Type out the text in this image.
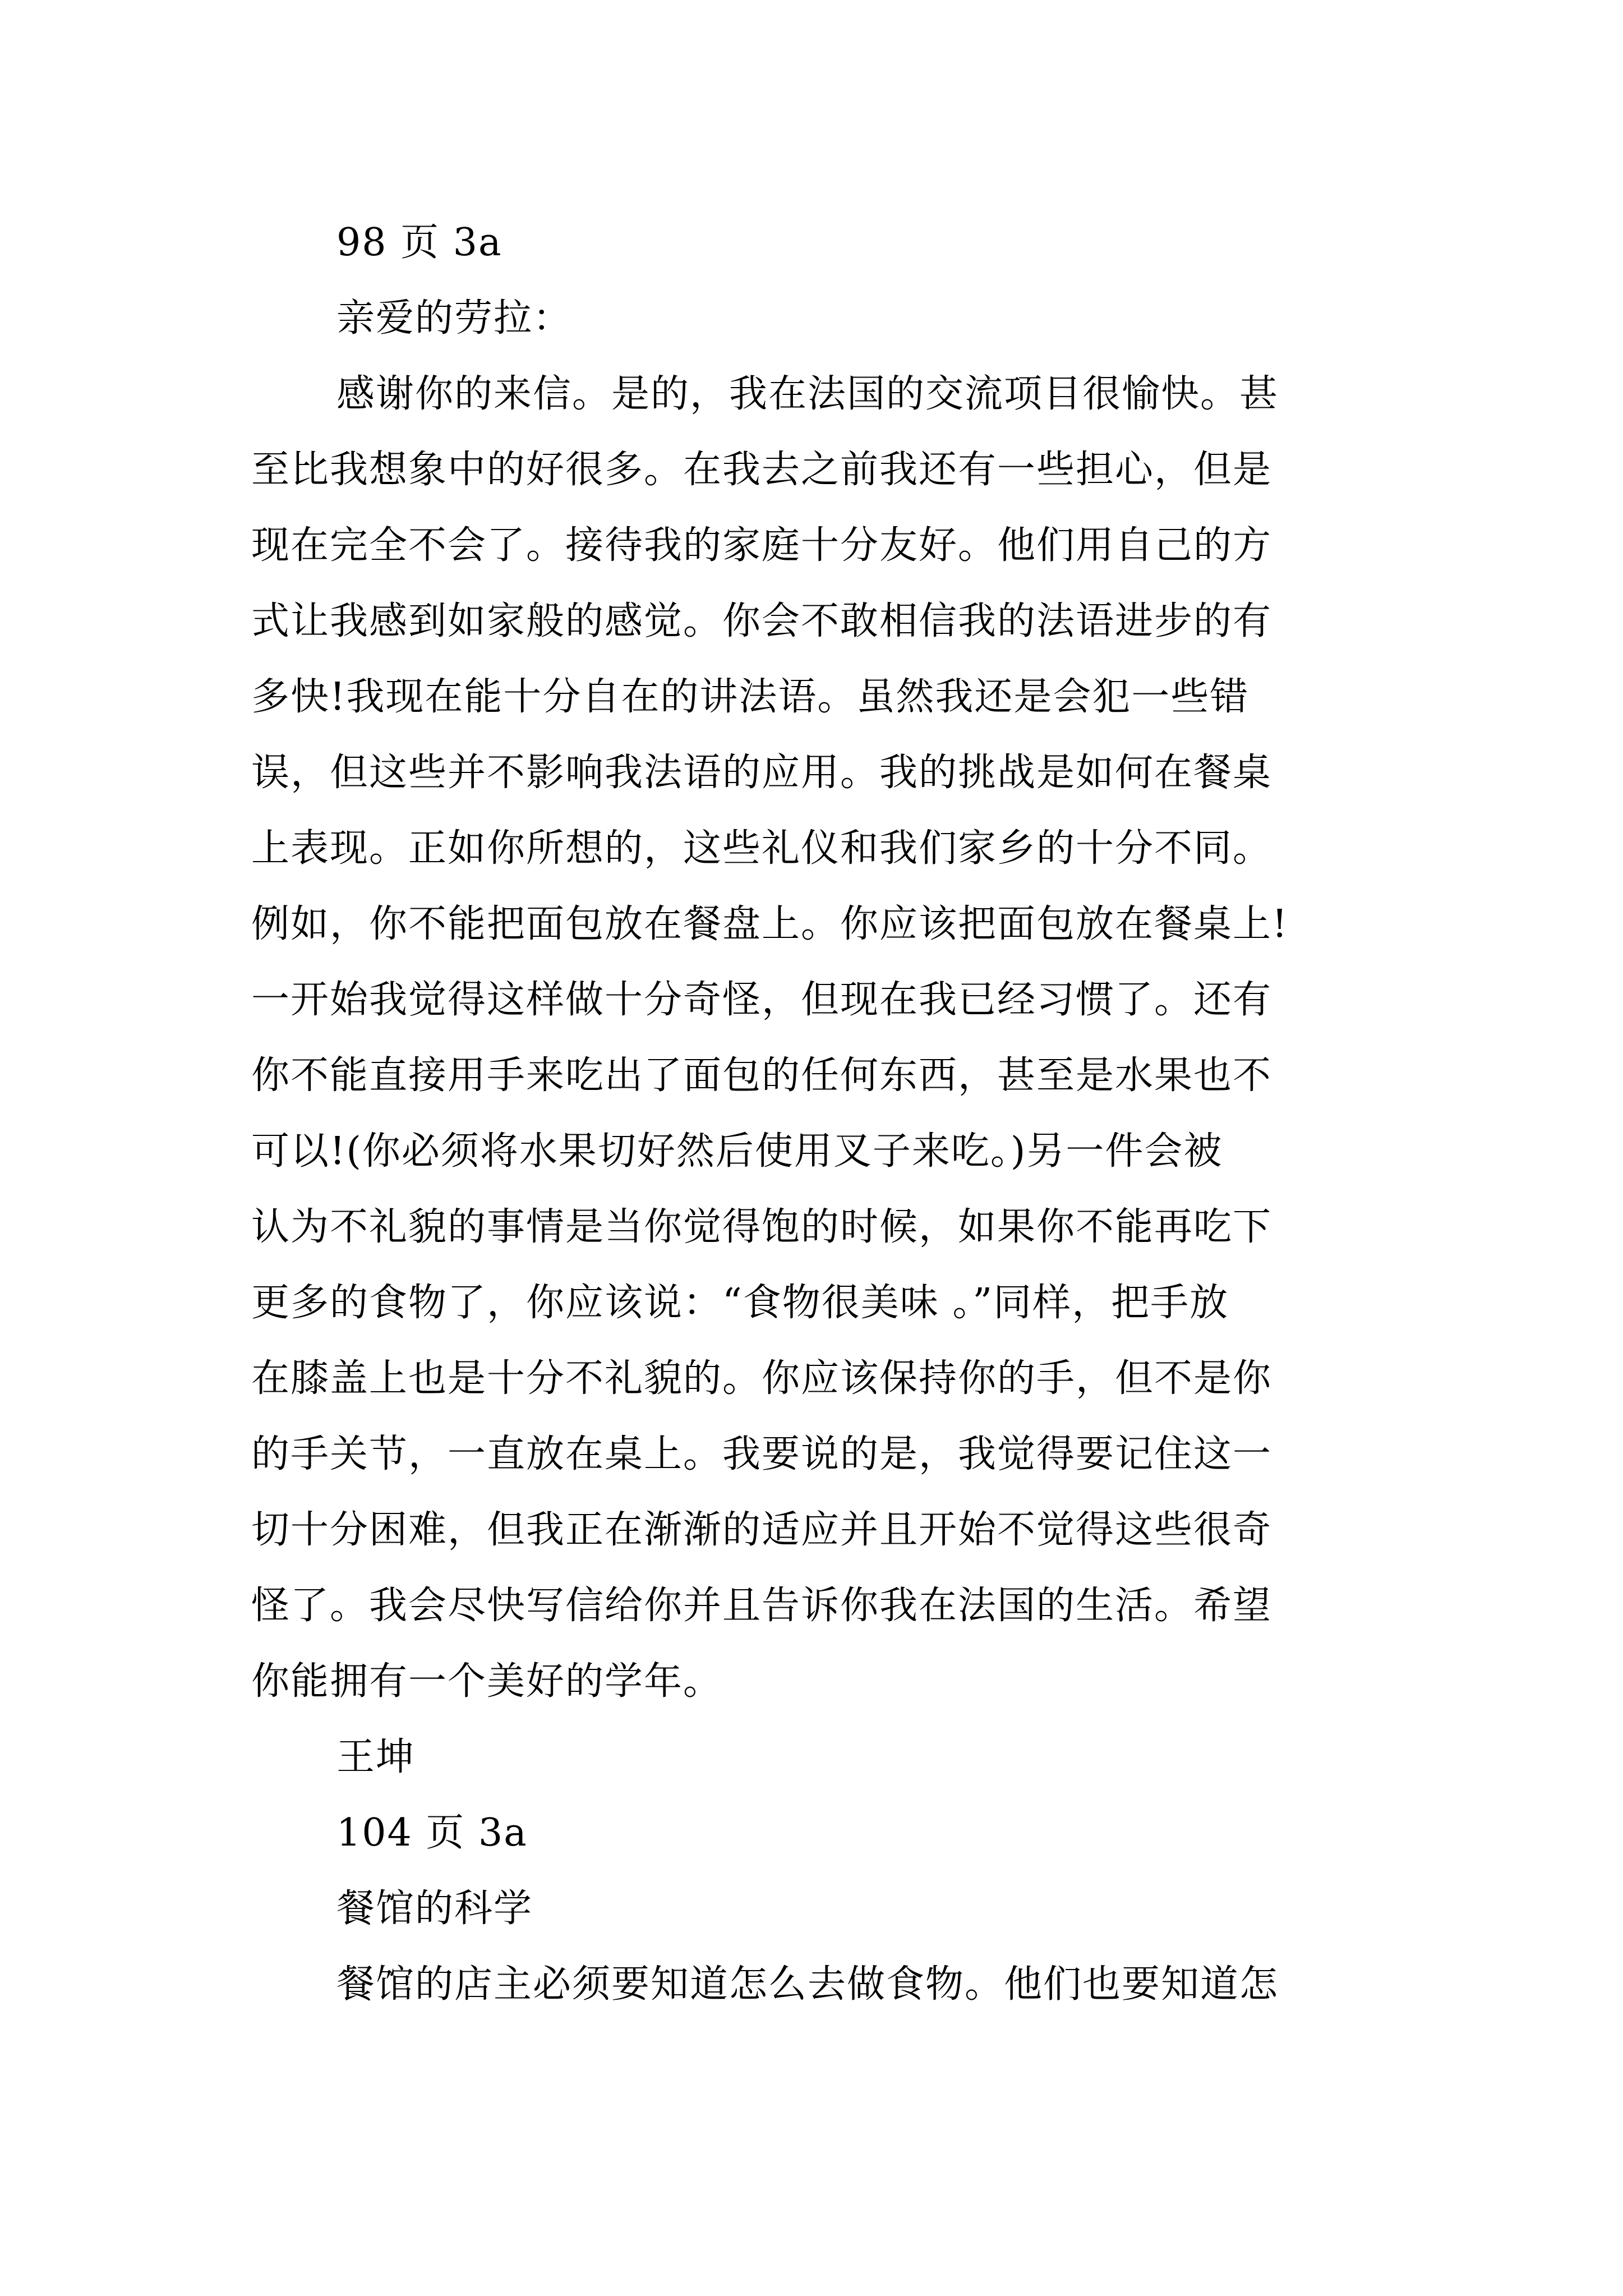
98 页 3a
亲爱的劳拉：
感谢你的来信。是的，我在法国的交流项目很愉快。甚
至比我想象中的好很多。在我去之前我还有一些担心，但是
现在完全不会了。接待我的家庭十分友好。他们用自己的方
式让我感到如家般的感觉。你会不敢相信我的法语进步的有
多快!我现在能十分自在的讲法语。虽然我还是会犯一些错
误，但这些并不影响我法语的应用。我的挑战是如何在餐桌
上表现。正如你所想的，这些礼仪和我们家乡的十分不同。
例如，你不能把面包放在餐盘上。你应该把面包放在餐桌上!
一开始我觉得这样做十分奇怪，但现在我已经习惯了。还有
你不能直接用手来吃出了面包的任何东西，甚至是水果也不
可以!(你必须将水果切好然后使用叉子来吃。)另一件会被
认为不礼貌的事情是当你觉得饱的时候，如果你不能再吃下
更多的食物了，你应该说：“食物很美味 。”同样，把手放
在膝盖上也是十分不礼貌的。你应该保持你的手，但不是你
的手关节，一直放在桌上。我要说的是，我觉得要记住这一
切十分困难，但我正在渐渐的适应并且开始不觉得这些很奇
怪了。我会尽快写信给你并且告诉你我在法国的生活。希望
你能拥有一个美好的学年。
王坤
104 页 3a
餐馆的科学
餐馆的店主必须要知道怎么去做食物。他们也要知道怎
